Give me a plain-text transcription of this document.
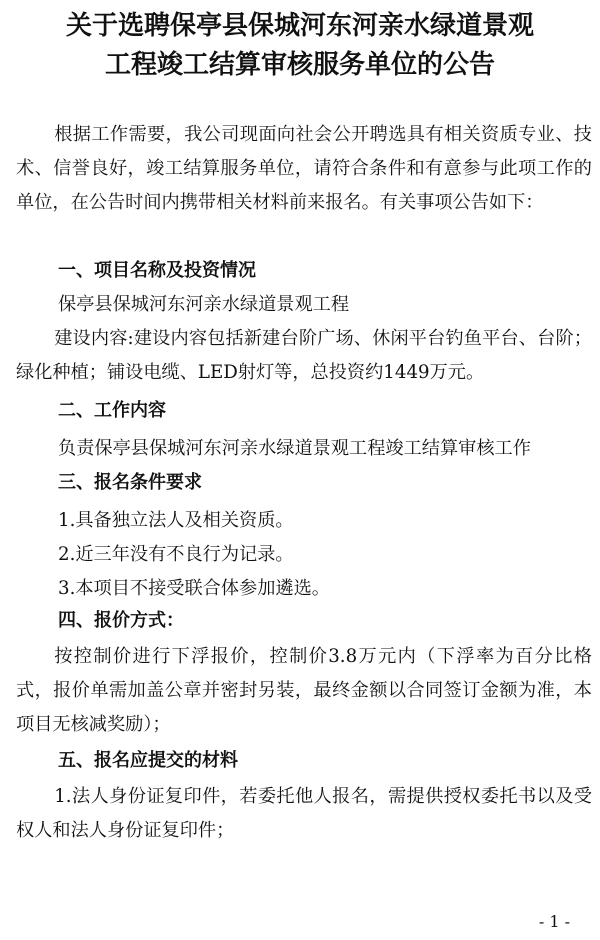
关于选聘保亭县保城河东河亲水绿道景观
工程竣工结算审核服务单位的公告

根据工作需要，我公司现面向社会公开聘选具有相关资质专业、技术、信誉良好，竣工结算服务单位，请符合条件和有意参与此项工作的单位，在公告时间内携带相关材料前来报名。有关事项公告如下：

一、项目名称及投资情况

保亭县保城河东河亲水绿道景观工程

建设内容:建设内容包括新建台阶广场、休闲平台钓鱼平台、台阶；绿化种植；铺设电缆、LED射灯等，总投资约1449万元。

二、工作内容

负责保亭县保城河东河亲水绿道景观工程竣工结算审核工作

三、报名条件要求

1.具备独立法人及相关资质。

2.近三年没有不良行为记录。

3.本项目不接受联合体参加遴选。

四、报价方式：

按控制价进行下浮报价，控制价3.8万元内（下浮率为百分比格式，报价单需加盖公章并密封另装，最终金额以合同签订金额为准，本项目无核减奖励）；

五、报名应提交的材料

1.法人身份证复印件，若委托他人报名，需提供授权委托书以及受权人和法人身份证复印件；

- 1 -
